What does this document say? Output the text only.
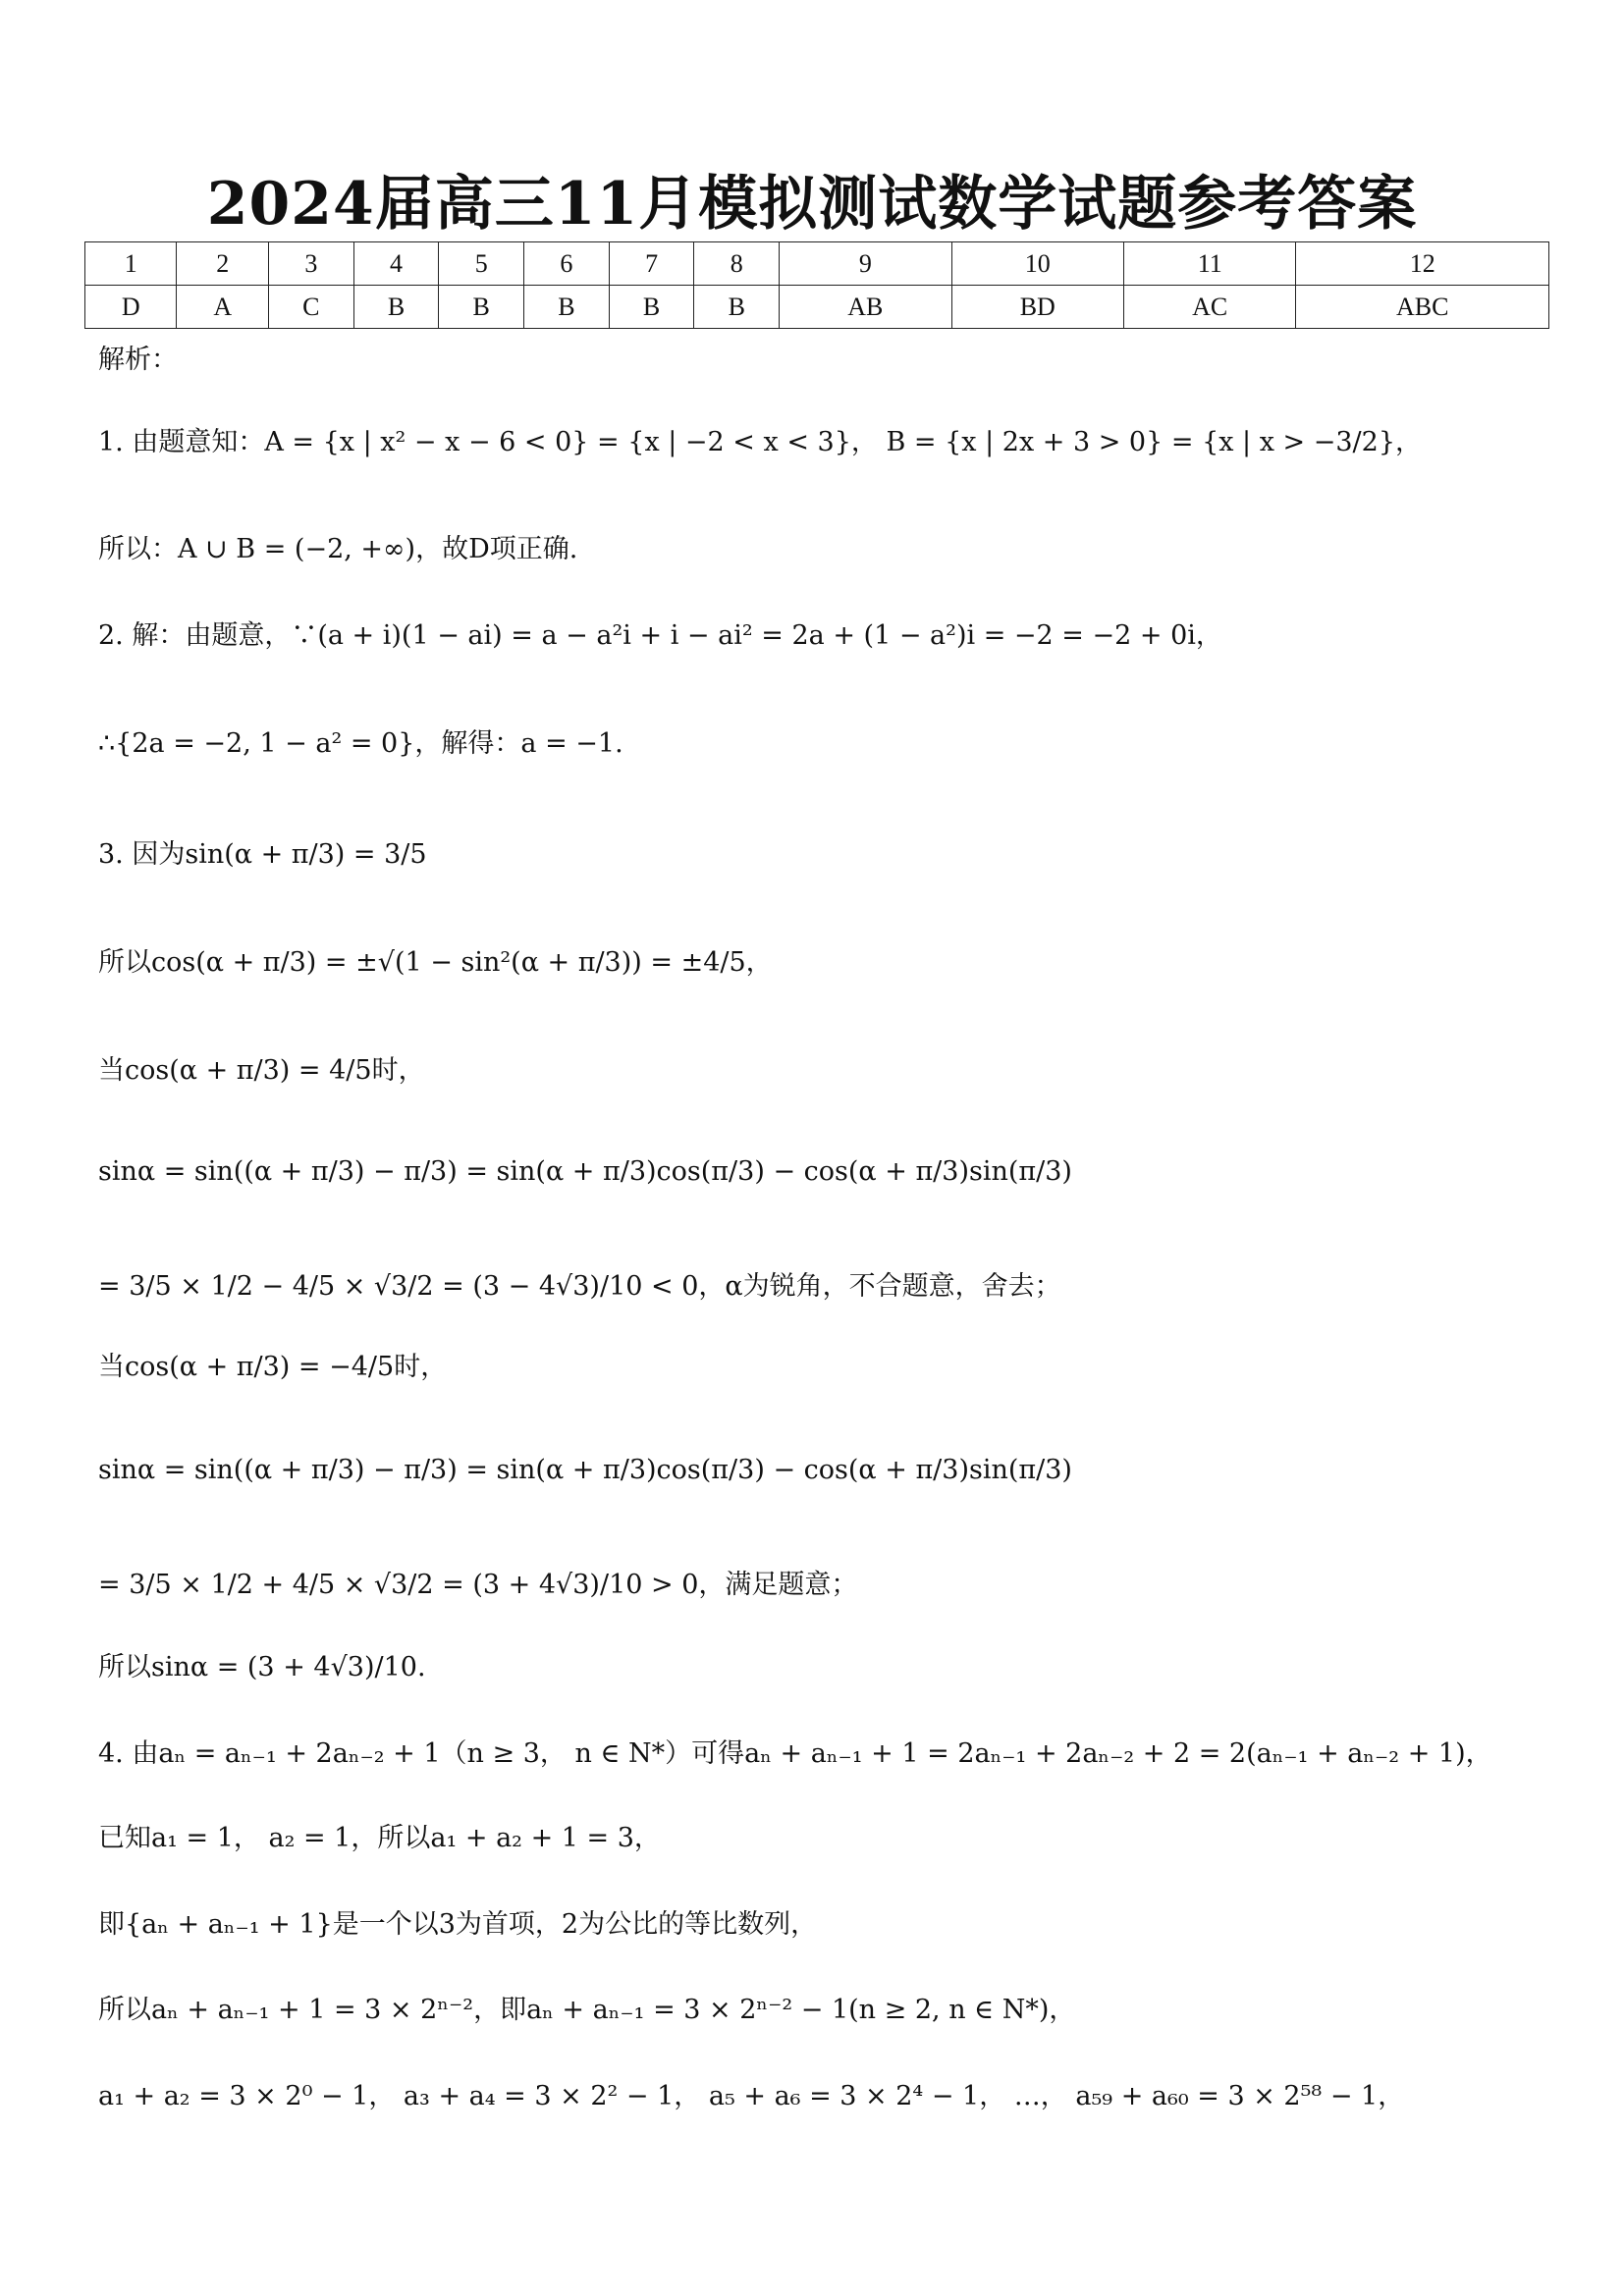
2024届高三11月模拟测试数学试题参考答案
1	2	3	4	5	6	7	8	9	10	11	12
D	A	C	B	B	B	B	B	AB	BD	AC	ABC
解析：
1. 由题意知：A = {x | x² − x − 6 < 0} = {x | −2 < x < 3}， B = {x | 2x + 3 > 0} = {x | x > −3/2}，
所以：A ∪ B = (−2, +∞)，故D项正确.
2. 解：由题意，∵(a + i)(1 − ai) = a − a²i + i − ai² = 2a + (1 − a²)i = −2 = −2 + 0i，
∴{2a = −2, 1 − a² = 0}，解得：a = −1.
3. 因为sin(α + π/3) = 3/5
所以cos(α + π/3) = ±√(1 − sin²(α + π/3)) = ±4/5，
当cos(α + π/3) = 4/5时，
sinα = sin((α + π/3) − π/3) = sin(α + π/3)cos(π/3) − cos(α + π/3)sin(π/3)
= 3/5 × 1/2 − 4/5 × √3/2 = (3 − 4√3)/10 < 0，α为锐角，不合题意，舍去；
当cos(α + π/3) = −4/5时，
sinα = sin((α + π/3) − π/3) = sin(α + π/3)cos(π/3) − cos(α + π/3)sin(π/3)
= 3/5 × 1/2 + 4/5 × √3/2 = (3 + 4√3)/10 > 0，满足题意；
所以sinα = (3 + 4√3)/10.
4. 由aₙ = aₙ₋₁ + 2aₙ₋₂ + 1（n ≥ 3， n ∈ N*）可得aₙ + aₙ₋₁ + 1 = 2aₙ₋₁ + 2aₙ₋₂ + 2 = 2(aₙ₋₁ + aₙ₋₂ + 1)，
已知a₁ = 1， a₂ = 1，所以a₁ + a₂ + 1 = 3，
即{aₙ + aₙ₋₁ + 1}是一个以3为首项，2为公比的等比数列，
所以aₙ + aₙ₋₁ + 1 = 3 × 2ⁿ⁻²，即aₙ + aₙ₋₁ = 3 × 2ⁿ⁻² − 1(n ≥ 2, n ∈ N*)，
a₁ + a₂ = 3 × 2⁰ − 1， a₃ + a₄ = 3 × 2² − 1， a₅ + a₆ = 3 × 2⁴ − 1， …， a₅₉ + a₆₀ = 3 × 2⁵⁸ − 1，
